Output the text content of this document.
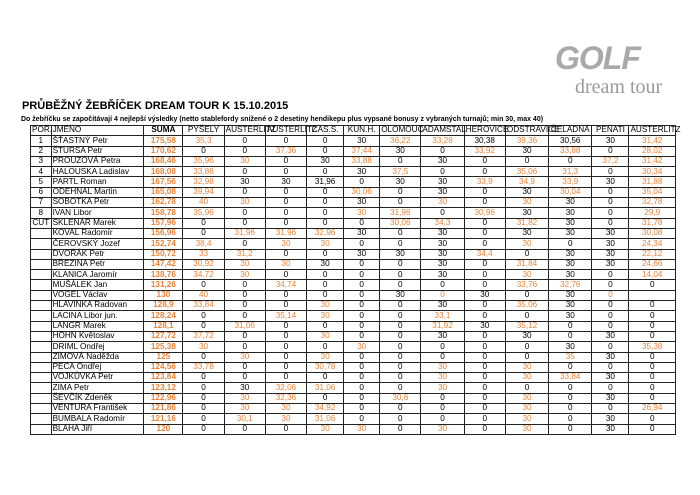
GOLF
dream tour
PRŮBĚŽNÝ ŽEBŘÍČEK DREAM TOUR K 15.10.2015
Do žebříčku se započítávají 4 nejlepší výsledky (netto stablefordy snížené o 2 desetiny hendikepu plus vypsané bonusy z vybraných turnajů; min 30, max 40)
POŘ.	JMÉNO	SUMA	PYŠELY	AUSTERLITZ	AUSTERLITZ	CAS.S.	KUN.H.	OLOMOUC	ADAMSTAL	HEŘOVICE	ODSTRAVICE	ČELADNÁ	PEŇATI	AUSTERLITZ
1	ŠŤASTNÝ Petr	175,58	35,3	0	0	0	30	36,22	33,28	30,38	39,36	30,56	30	31,42
2	ŠTURSA Petr	170,62	0	0	37,36	0	37,44	30	0	33,92	30	33,88	0	28,02
3	PROUZOVÁ Petra	168,46	35,96	30	0	30	33,88	0	30	0	0	0	37,2	31,42
4	HALOUSKA Ladislav	168,08	33,88	0	0	0	30	37,5	0	0	35,06	31,3	0	30,34
5	PARTL Roman	167,56	32,98	30	30	31,96	0	30	30	33,9	34,9	33,9	30	31,88
6	ODEHNAL Martin	165,08	39,94	0	0	0	30,06	0	30	0	30	30,04	0	35,04
7	SOBOTKA Petr	162,78	40	30	0	0	30	0	30	0	30	30	0	32,78
8	IVAN Libor	158,78	35,96	0	0	0	30	31,96	0	30,96	30	30	0	29,9
CUT	SKLENÁŘ Marek	157,96	0	0	0	0	0	30,06	34,3	0	31,82	30	0	31,78
	KOVAL Radomír	156,96	0	31,96	31,96	32,96	30	0	30	0	30	30	30	30,08
	ČEROVSKÝ Jozef	152,74	38,4	0	30	30	0	0	30	0	30	0	30	24,34
	DVOŘÁK Petr	150,72	33	31,2	0	0	30	30	30	34,4	0	30	30	22,12
	BŘEZINA Petr	147,42	30,92	30	30	30	0	0	30	0	31,84	30	30	24,66
	KLANICA Jaromír	138,76	34,72	30	0	0	0	0	30	0	30	30	0	14,04
	MUŠÁLEK Jan	131,26	0	0	34,74	0	0	0	0	0	33,76	32,76	0	0
	VOGEL Václav	130	40	0	0	0	0	30	0	30	0	30	0	
	HLAVINKA Radovan	128,9	33,84	0	0	30	0	0	30	0	35,06	30	0	0
	LACINA Libor jun.	128,24	0	0	35,14	30	0	0	33,1	0	0	30	0	0
	LANGR Marek	128,1	0	31,06	0	0	0	0	31,92	30	35,12	0	0	0
	HÖHN Květoslav	127,72	37,72	0	0	30	0	0	30	0	30	0	30	0
	DRIML Ondřej	125,38	30	0	0	0	30	0	0	0	0	30	0	35,38
	ZÍMOVÁ Naděžda	125	0	30	0	30	0	0	0	0	0	35	30	0
	PECA Ondřej	124,56	33,78	0	0	30,78	0	0	30	0	30	0	0	0
	VOJKŮVKA Petr	123,84	0	0	0	0	0	0	30	0	30	33,84	30	0
	ZIMA Petr	123,12	0	30	32,06	31,06	0	0	30	0	0	0	0	0
	ŠEVČÍK Zdeněk	122,96	0	30	32,36	0	0	30,6	0	0	30	0	30	0
	VENTURA František	121,86	0	30	30	34,92	0	0	0	0	30	0	0	26,94
	BUMBALA Radomír	121,16	0	30,1	30	31,06	0	0	0	0	30	0	30	0
	BLAHA Jiří	120	0	0	0	30	30	0	30	0	30	0	30	0
